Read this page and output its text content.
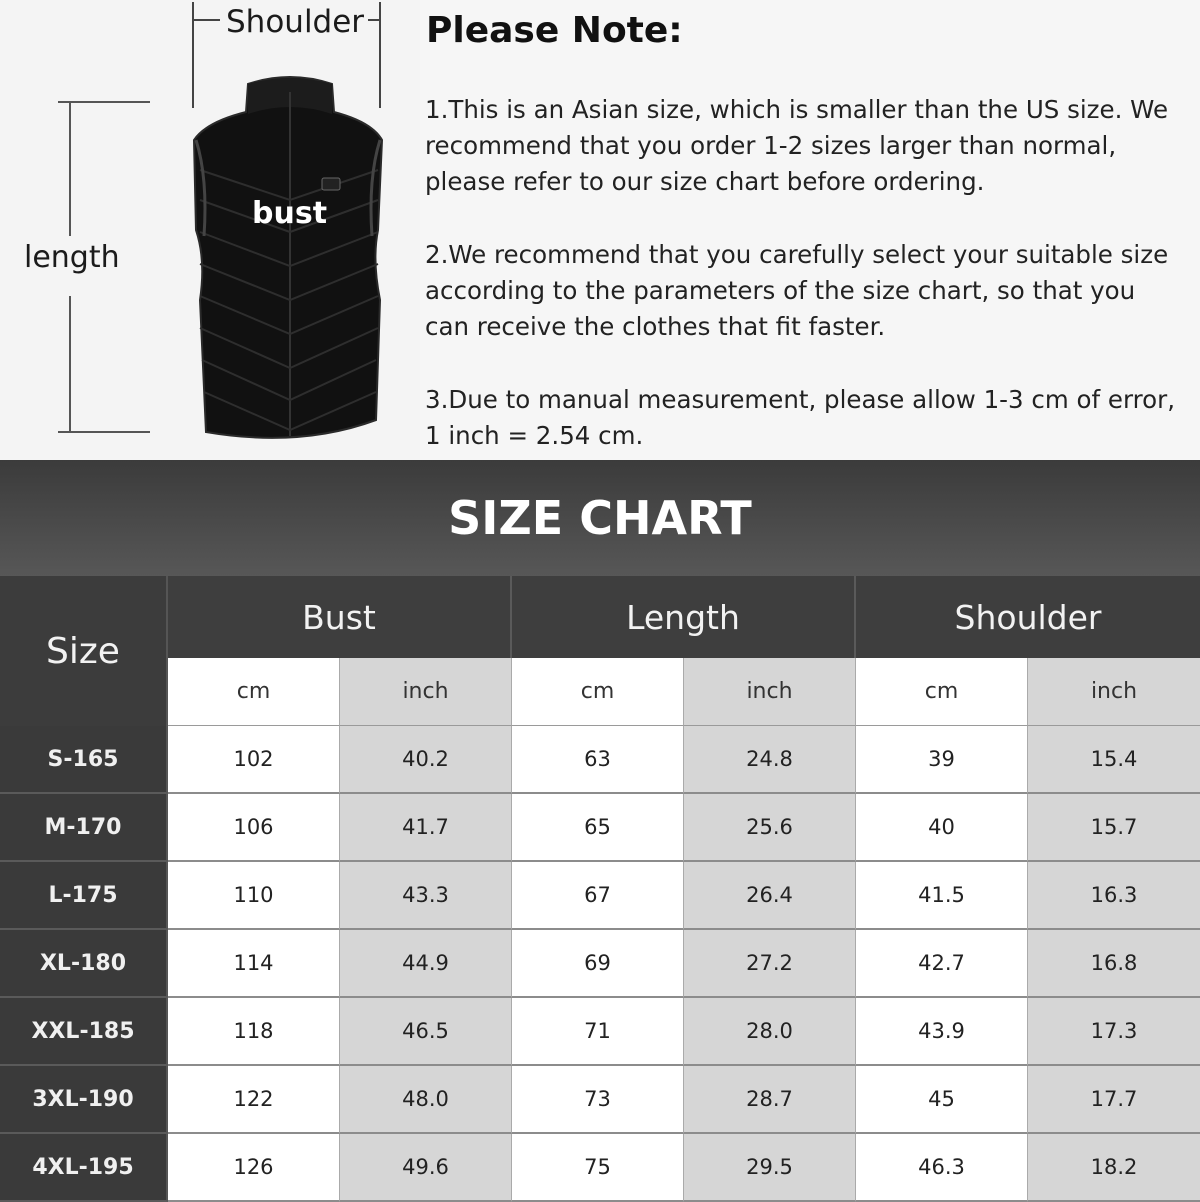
Shoulder
length
bust
Please Note:
1.This is an Asian size, which is smaller than the US size. We recommend that you order 1-2 sizes larger than normal, please refer to our size chart before ordering.
2.We recommend that you carefully select your suitable size according to the parameters of the size chart, so that you can receive the clothes that fit faster.
3.Due to manual measurement, please allow 1-3 cm of error, 1 inch = 2.54 cm.
SIZE CHART
Size
Bust	Length	Shoulder
cm	inch	cm	inch	cm	inch
S-165	102	40.2	63	24.8	39	15.4
M-170	106	41.7	65	25.6	40	15.7
L-175	110	43.3	67	26.4	41.5	16.3
XL-180	114	44.9	69	27.2	42.7	16.8
XXL-185	118	46.5	71	28.0	43.9	17.3
3XL-190	122	48.0	73	28.7	45	17.7
4XL-195	126	49.6	75	29.5	46.3	18.2
